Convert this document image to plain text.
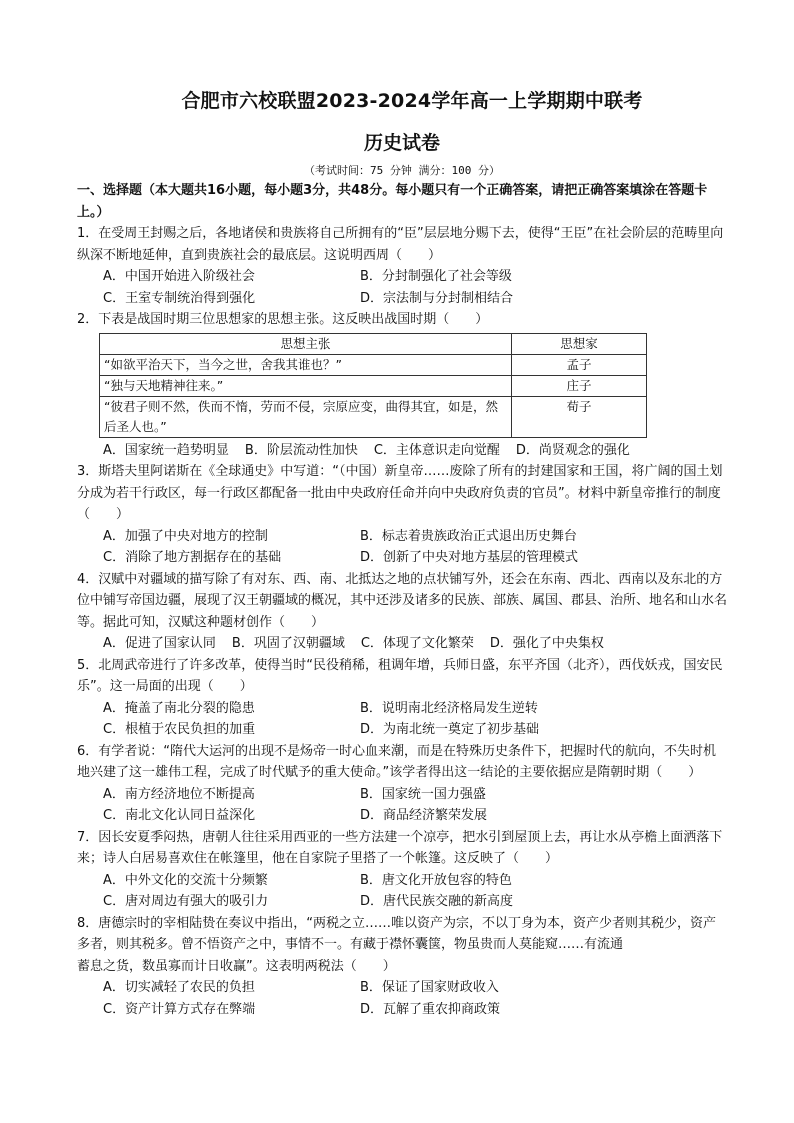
合肥市六校联盟2023-2024学年高一上学期期中联考
历史试卷
（考试时间：75 分钟 满分：100 分）

一、选择题（本大题共16小题，每小题3分，共48分。每小题只有一个正确答案，请把正确答案填涂在答题卡上。）

1．在受周王封赐之后，各地诸侯和贵族将自己所拥有的“臣”层层地分赐下去，使得“王臣”在社会阶层的范畴里向纵深不断地延伸，直到贵族社会的最底层。这说明西周（　　）

A．中国开始进入阶级社会	B．分封制强化了社会等级
C．王室专制统治得到强化	D．宗法制与分封制相结合

2．下表是战国时期三位思想家的思想主张。这反映出战国时期（　　）

思想主张	思想家
“如欲平治天下，当今之世，舍我其谁也？”	孟子
“独与天地精神往来。”	庄子
“彼君子则不然，佚而不惰，劳而不侵，宗原应变，曲得其宜，如是，然后圣人也。”	荀子
A．国家统一趋势明显 B．阶层流动性加快 C．主体意识走向觉醒 D．尚贤观念的强化

3．斯塔夫里阿诺斯在《全球通史》中写道：“（中国）新皇帝……废除了所有的封建国家和王国，将广阔的国土划分成为若干行政区，每一行政区都配备一批由中央政府任命并向中央政府负责的官员”。材料中新皇帝推行的制度（　　）

A．加强了中央对地方的控制	B．标志着贵族政治正式退出历史舞台
C．消除了地方割据存在的基础	D．创新了中央对地方基层的管理模式

4．汉赋中对疆域的描写除了有对东、西、南、北抵达之地的点状铺写外，还会在东南、西北、西南以及东北的方位中铺写帝国边疆，展现了汉王朝疆域的概况，其中还涉及诸多的民族、部族、属国、郡县、治所、地名和山水名等。据此可知，汉赋这种题材创作（　　）

A．促进了国家认同 B．巩固了汉朝疆域 C．体现了文化繁荣 D．强化了中央集权

5．北周武帝进行了许多改革，使得当时“民役稍稀，租调年增，兵师日盛，东平齐国（北齐），西伐妖戎，国安民乐”。这一局面的出现（　　）

A．掩盖了南北分裂的隐患	B．说明南北经济格局发生逆转
C．根植于农民负担的加重	D．为南北统一奠定了初步基础

6．有学者说：“隋代大运河的出现不是炀帝一时心血来潮，而是在特殊历史条件下，把握时代的航向，不失时机地兴建了这一雄伟工程，完成了时代赋予的重大使命。”该学者得出这一结论的主要依据应是隋朝时期（　　）

A．南方经济地位不断提高	B．国家统一国力强盛
C．南北文化认同日益深化	D．商品经济繁荣发展

7．因长安夏季闷热，唐朝人往往采用西亚的一些方法建一个凉亭，把水引到屋顶上去，再让水从亭檐上面洒落下来；诗人白居易喜欢住在帐篷里，他在自家院子里搭了一个帐篷。这反映了（　　）

A．中外文化的交流十分频繁	B．唐文化开放包容的特色
C．唐对周边有强大的吸引力	D．唐代民族交融的新高度

8．唐德宗时的宰相陆贽在奏议中指出，“两税之立……唯以资产为宗，不以丁身为本，资产少者则其税少，资产多者，则其税多。曾不悟资产之中，事情不一。有藏于襟怀囊箧，物虽贵而人莫能窥……有流通

蓄息之货，数虽寡而计日收赢”。这表明两税法（　　）

A．切实减轻了农民的负担	B．保证了国家财政收入
C．资产计算方式存在弊端	D．瓦解了重农抑商政策
